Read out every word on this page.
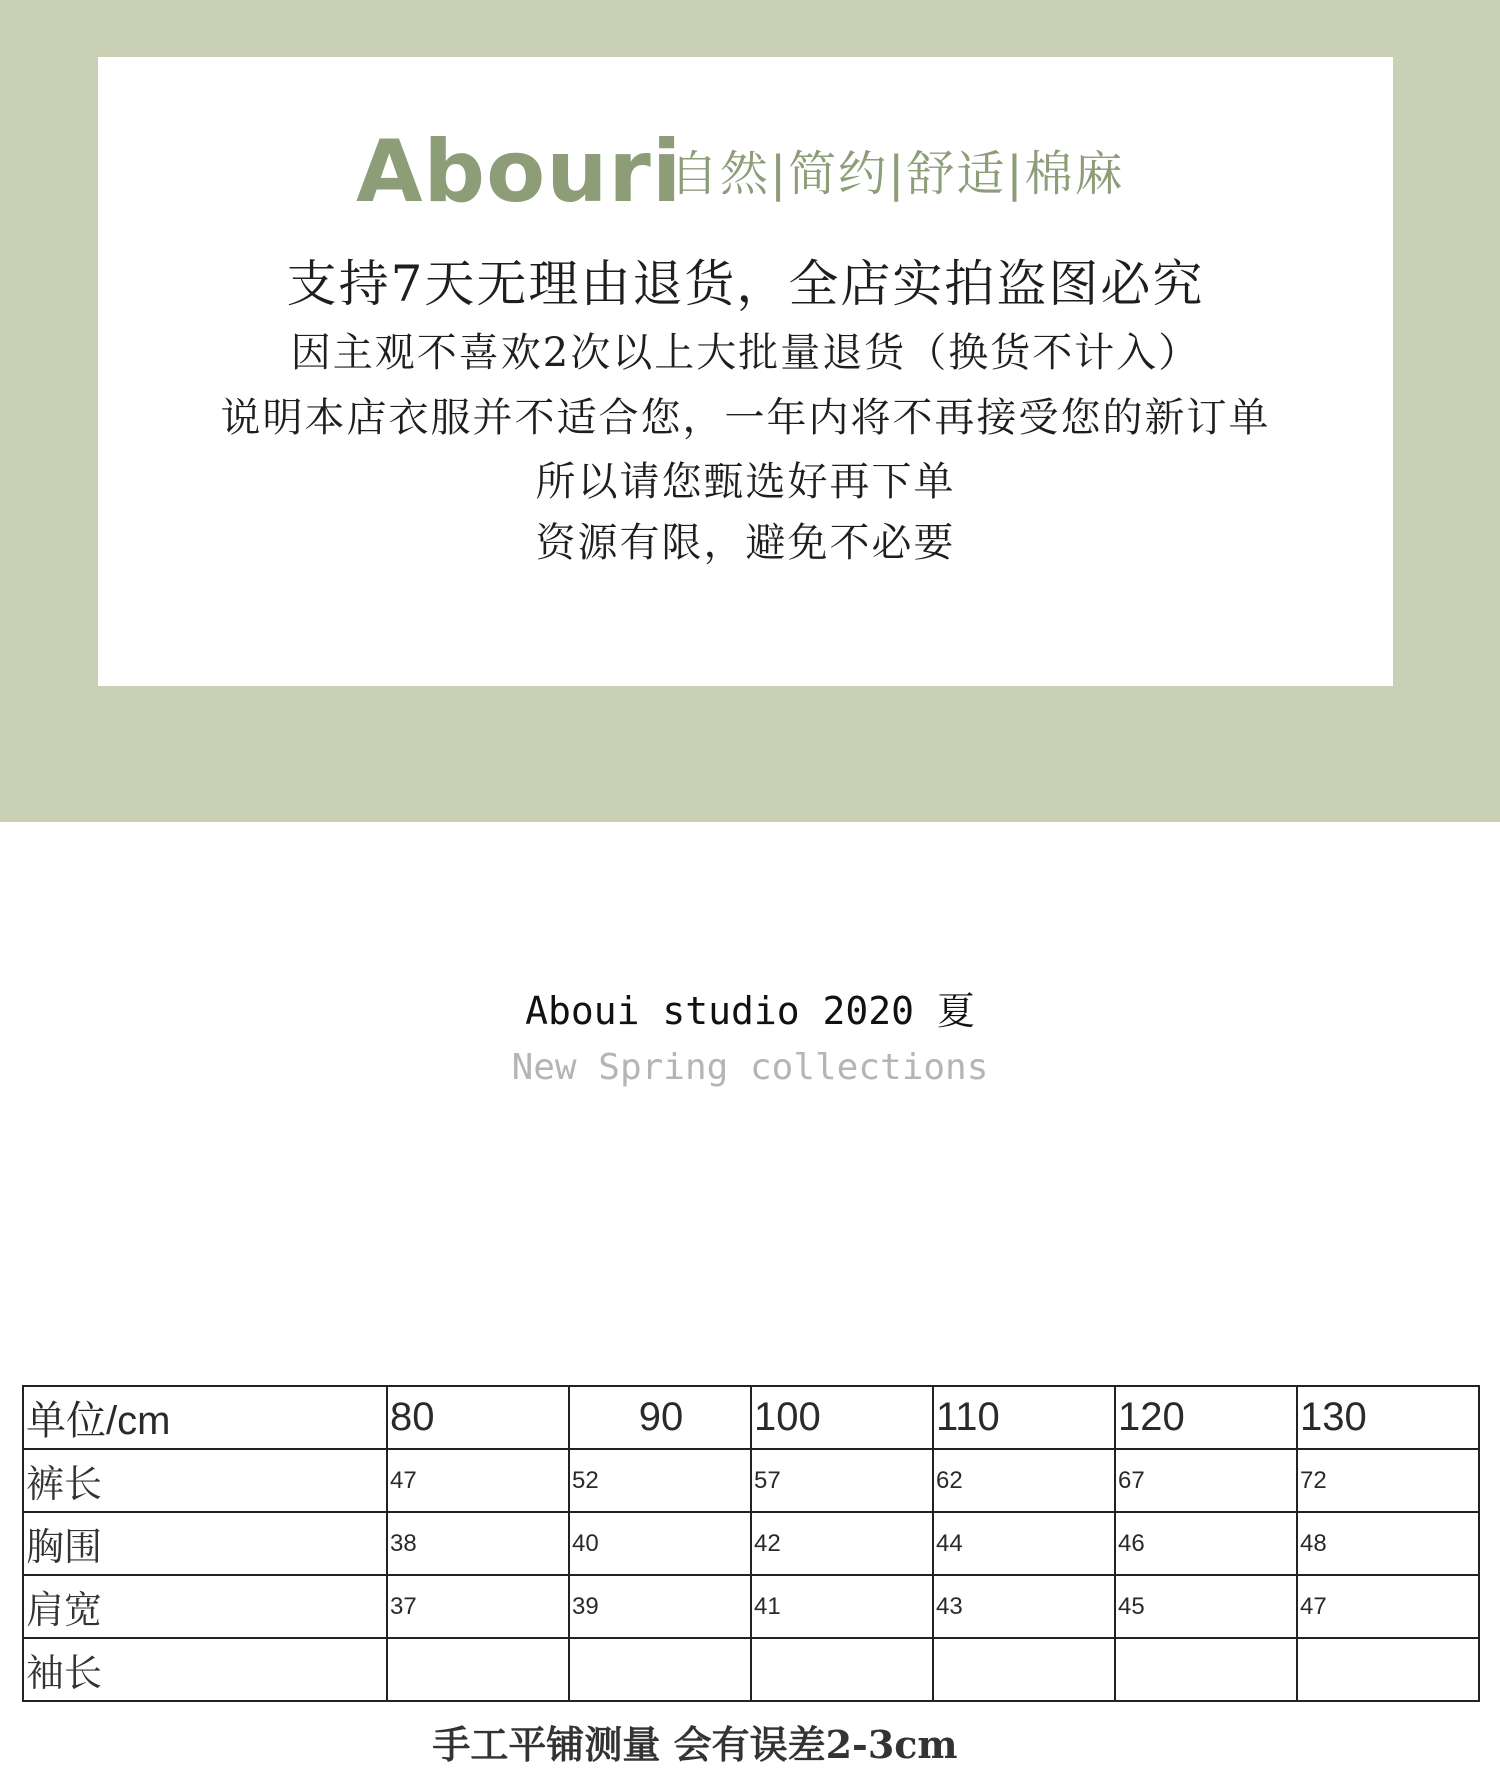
Abouri
自然|简约|舒适|棉麻
支持7天无理由退货，全店实拍盗图必究
因主观不喜欢2次以上大批量退货（换货不计入）
说明本店衣服并不适合您，一年内将不再接受您的新订单
所以请您甄选好再下单
资源有限，避免不必要
Aboui studio 2020 夏
New Spring collections
单位/cm	80	90	100	110	120	130
裤长	47	52	57	62	67	72
胸围	38	40	42	44	46	48
肩宽	37	39	41	43	45	47
袖长						
手工平铺测量 会有误差2-3cm
